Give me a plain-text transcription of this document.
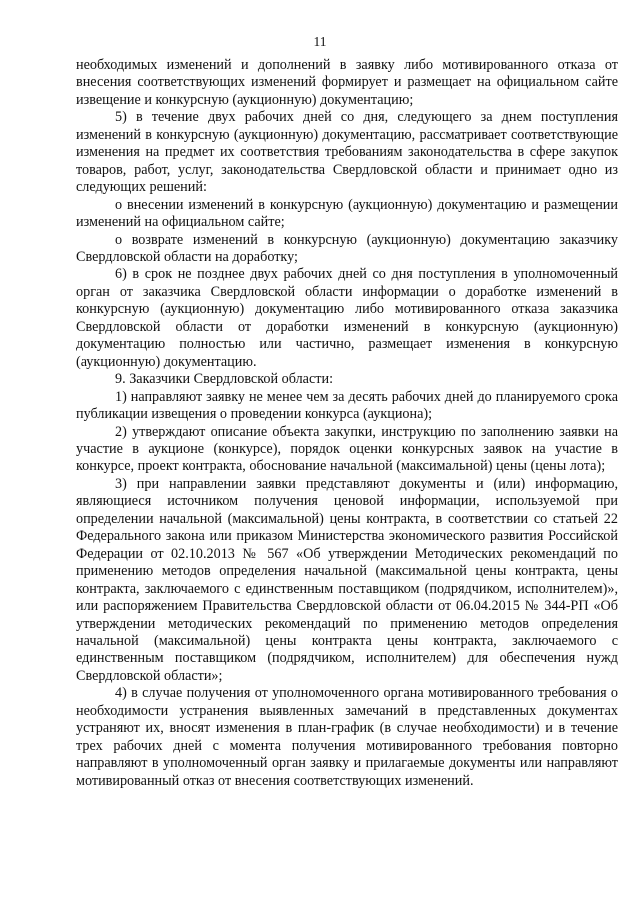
11

необходимых изменений и дополнений в заявку либо мотивированного отказа от внесения соответствующих изменений формирует и размещает на официальном сайте извещение и конкурсную (аукционную) документацию;

5) в течение двух рабочих дней со дня, следующего за днем поступления изменений в конкурсную (аукционную) документацию, рассматривает соответствующие изменения на предмет их соответствия требованиям законодательства в сфере закупок товаров, работ, услуг, законодательства Свердловской области и принимает одно из следующих решений:

о внесении изменений в конкурсную (аукционную) документацию и размещении изменений на официальном сайте;

о возврате изменений в конкурсную (аукционную) документацию заказчику Свердловской области на доработку;

6) в срок не позднее двух рабочих дней со дня поступления в уполномоченный орган от заказчика Свердловской области информации о доработке изменений в конкурсную (аукционную) документацию либо мотивированного отказа заказчика Свердловской области от доработки изменений в конкурсную (аукционную) документацию полностью или частично, размещает изменения в конкурсную (аукционную) документацию.

9. Заказчики Свердловской области:

1) направляют заявку не менее чем за десять рабочих дней до планируемого срока публикации извещения о проведении конкурса (аукциона);

2) утверждают описание объекта закупки, инструкцию по заполнению заявки на участие в аукционе (конкурсе), порядок оценки конкурсных заявок на участие в конкурсе, проект контракта, обоснование начальной (максимальной) цены (цены лота);

3) при направлении заявки представляют документы и (или) информацию, являющиеся источником получения ценовой информации, используемой при определении начальной (максимальной) цены контракта, в соответствии со статьей 22 Федерального закона или приказом Министерства экономического развития Российской Федерации от 02.10.2013 № 567 «Об утверждении Методических рекомендаций по применению методов определения начальной (максимальной цены контракта, цены контракта, заключаемого с единственным поставщиком (подрядчиком, исполнителем)», или распоряжением Правительства Свердловской области от 06.04.2015 № 344-РП «Об утверждении методических рекомендаций по применению методов определения начальной (максимальной) цены контракта цены контракта, заключаемого с единственным поставщиком (подрядчиком, исполнителем) для обеспечения нужд Свердловской области»;

4) в случае получения от уполномоченного органа мотивированного требования о необходимости устранения выявленных замечаний в представленных документах устраняют их, вносят изменения в план-график (в случае необходимости) и в течение трех рабочих дней с момента получения мотивированного требования повторно направляют в уполномоченный орган заявку и прилагаемые документы или направляют мотивированный отказ от внесения соответствующих изменений.
